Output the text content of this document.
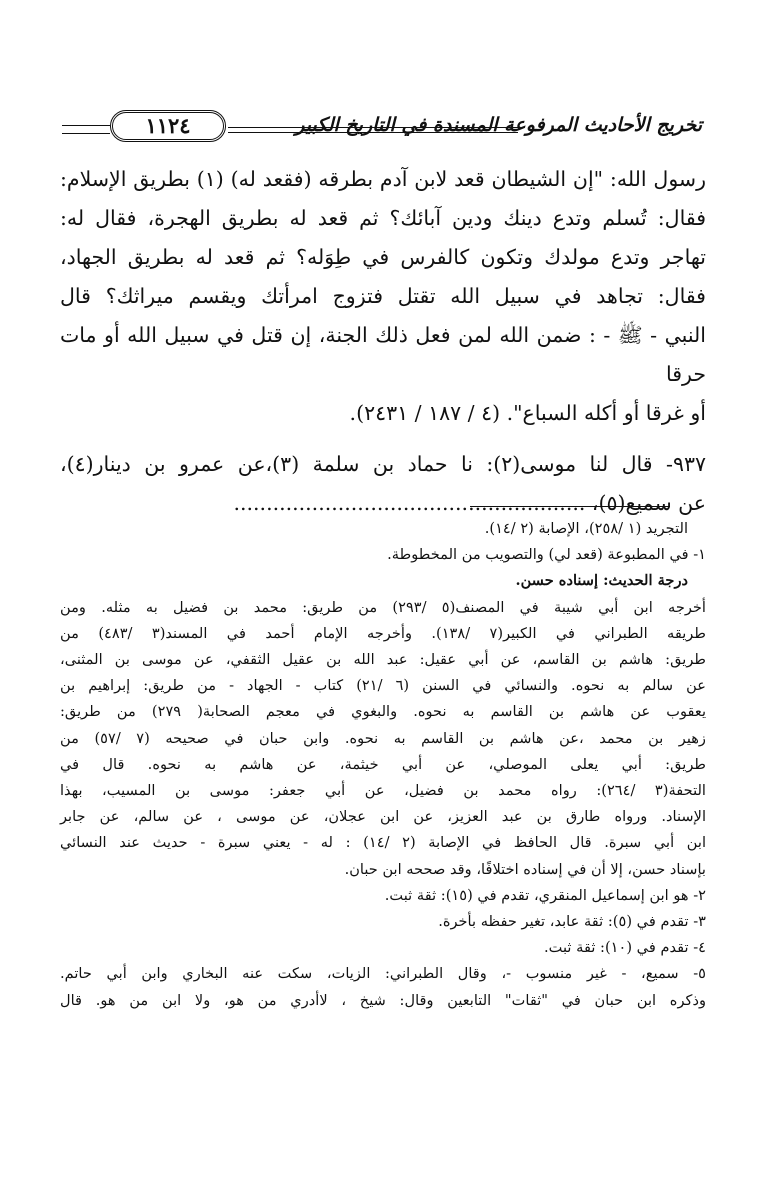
تخريج الأحاديث المرفوعة المسندة في التاريخ الكبير
١١٢٤

رسول الله: "إن الشيطان قعد لابن آدم بطرقه (فقعد له) (١) بطريق الإسلام:

فقال: تُسلم وتدع دينك ودين آبائك؟ ثم قعد له بطريق الهجرة، فقال له:

تهاجر وتدع مولدك وتكون كالفرس في طِوَله؟ ثم قعد له بطريق الجهاد،

فقال: تجاهد في سبيل الله تقتل فتزوج امرأتك ويقسم ميراثك؟ قال

النبي - ﷺ - : ضمن الله لمن فعل ذلك الجنة، إن قتل في سبيل الله أو مات حرقا

أو غرقا أو أكله السباع". (٤ / ١٨٧ / ٢٤٣١).

٩٣٧- قال لنا موسى(٢): نا حماد بن سلمة (٣)،عن عمرو بن دينار(٤)،

عن سميع(٥)، ......................................................

التجريد (١ /٢٥٨)، الإصابة (٢ /١٤).

١- في المطبوعة (قعد لي) والتصويب من المخطوطة.

درجة الحديث: إسناده حسن.

أخرجه ابن أبي شيبة في المصنف(٥ /٢٩٣) من طريق: محمد بن فضيل به مثله. ومن

طريقه الطبراني في الكبير(٧ /١٣٨). وأخرجه الإمام أحمد في المسند(٣ /٤٨٣) من

طريق: هاشم بن القاسم، عن أبي عقيل: عبد الله بن عقيل الثقفي، عن موسى بن المثنى،

عن سالم به نحوه. والنسائي في السنن (٦ /٢١) كتاب - الجهاد - من طريق: إبراهيم بن

يعقوب عن هاشم بن القاسم به نحوه. والبغوي في معجم الصحابة( ٢٧٩) من طريق:

زهير بن محمد ،عن هاشم بن القاسم به نحوه. وابن حبان في صحيحه (٧ /٥٧) من

طريق: أبي يعلى الموصلي، عن أبي خيثمة، عن هاشم به نحوه. قال في

التحفة(٣ /٢٦٤): رواه محمد بن فضيل، عن أبي جعفر: موسى بن المسيب، بهذا

الإسناد. ورواه طارق بن عبد العزيز، عن ابن عجلان، عن موسى ، عن سالم، عن جابر

ابن أبي سبرة. قال الحافظ في الإصابة (٢ /١٤) : له - يعني سبرة - حديث عند النسائي

بإسناد حسن، إلا أن في إسناده اختلافًا، وقد صححه ابن حبان.

٢- هو ابن إسماعيل المنقري، تقدم في (١٥): ثقة ثبت.

٣- تقدم في (٥): ثقة عابد، تغير حفظه بأخرة.

٤- تقدم في (١٠): ثقة ثبت.

٥- سميع، - غير منسوب -، وقال الطبراني: الزيات، سكت عنه البخاري وابن أبي حاتم.

وذكره ابن حبان في "ثقات" التابعين وقال: شيخ ، لاأدري من هو، ولا ابن من هو. قال
